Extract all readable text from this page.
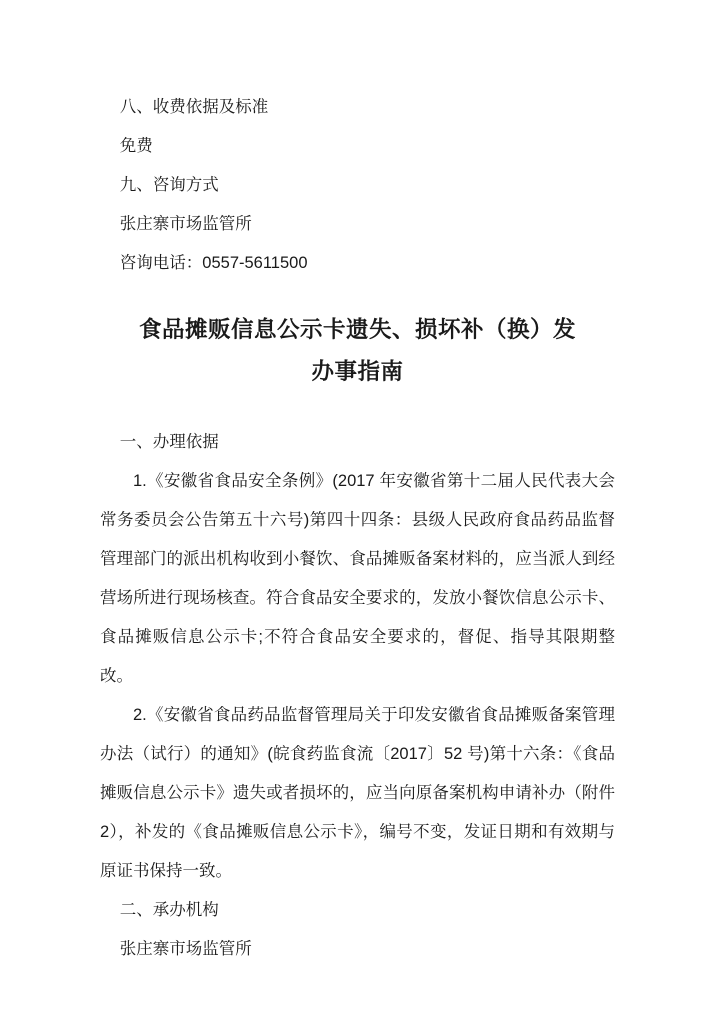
八、收费依据及标准

免费

九、咨询方式

张庄寨市场监管所

咨询电话：0557-5611500

食品摊贩信息公示卡遗失、损坏补（换）发
办事指南

一、办理依据

1.《安徽省食品安全条例》(2017 年安徽省第十二届人民代表大会常务委员会公告第五十六号)第四十四条：县级人民政府食品药品监督管理部门的派出机构收到小餐饮、食品摊贩备案材料的，应当派人到经营场所进行现场核查。符合食品安全要求的，发放小餐饮信息公示卡、食品摊贩信息公示卡;不符合食品安全要求的，督促、指导其限期整改。

2.《安徽省食品药品监督管理局关于印发安徽省食品摊贩备案管理办法（试行）的通知》(皖食药监食流〔2017〕52 号)第十六条：《食品摊贩信息公示卡》遗失或者损坏的，应当向原备案机构申请补办（附件 2），补发的《食品摊贩信息公示卡》，编号不变，发证日期和有效期与原证书保持一致。

二、承办机构

张庄寨市场监管所
